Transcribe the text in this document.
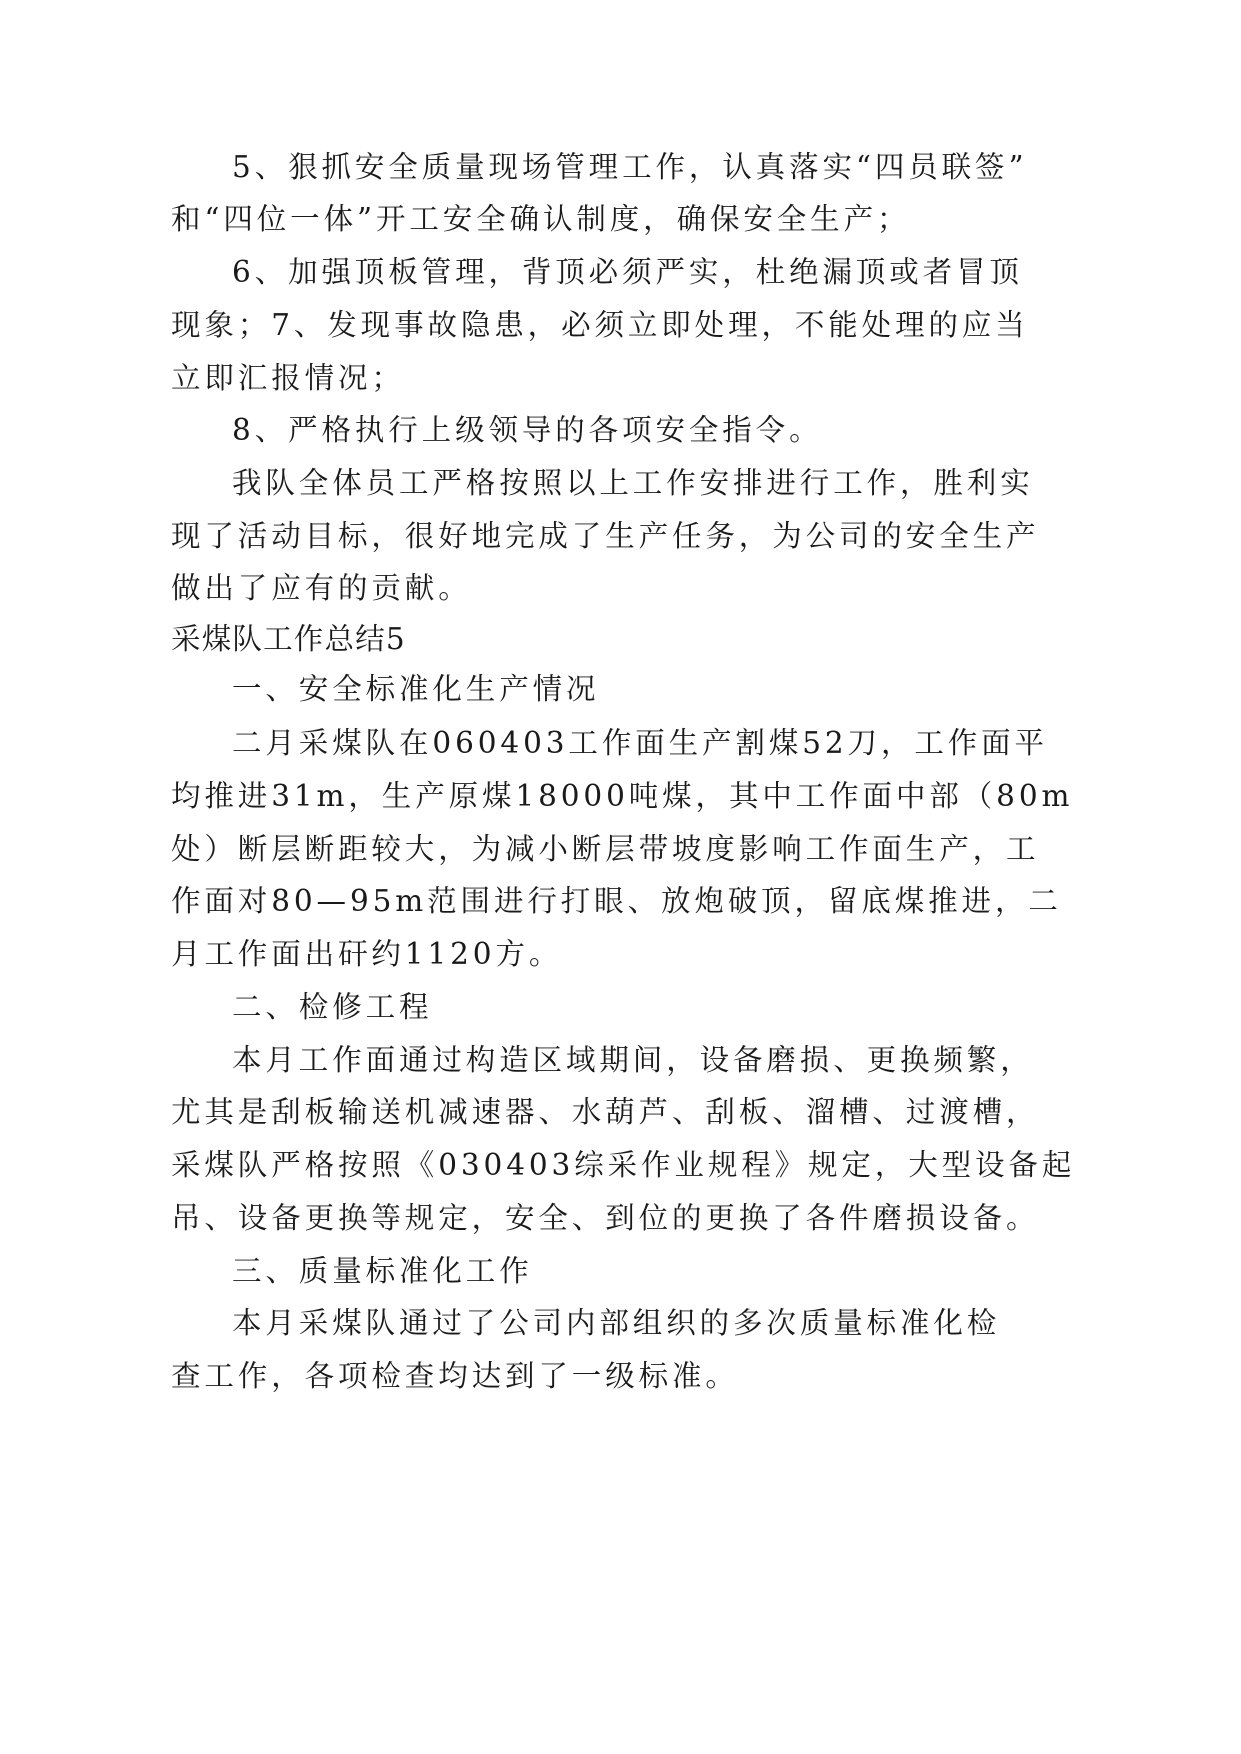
5、狠抓安全质量现场管理工作，认真落实“四员联签”
和“四位一体”开工安全确认制度，确保安全生产；
6、加强顶板管理，背顶必须严实，杜绝漏顶或者冒顶
现象；7、发现事故隐患，必须立即处理，不能处理的应当
立即汇报情况；
8、严格执行上级领导的各项安全指令。
我队全体员工严格按照以上工作安排进行工作，胜利实
现了活动目标，很好地完成了生产任务，为公司的安全生产
做出了应有的贡献。
采煤队工作总结5
一、安全标准化生产情况
二月采煤队在060403工作面生产割煤52刀，工作面平
均推进31m，生产原煤18000吨煤，其中工作面中部（80m
处）断层断距较大，为减小断层带坡度影响工作面生产，工
作面对80—95m范围进行打眼、放炮破顶，留底煤推进，二
月工作面出矸约1120方。
二、检修工程
本月工作面通过构造区域期间，设备磨损、更换频繁，
尤其是刮板输送机减速器、水葫芦、刮板、溜槽、过渡槽，
采煤队严格按照《030403综采作业规程》规定，大型设备起
吊、设备更换等规定，安全、到位的更换了各件磨损设备。
三、质量标准化工作
本月采煤队通过了公司内部组织的多次质量标准化检
查工作，各项检查均达到了一级标准。
